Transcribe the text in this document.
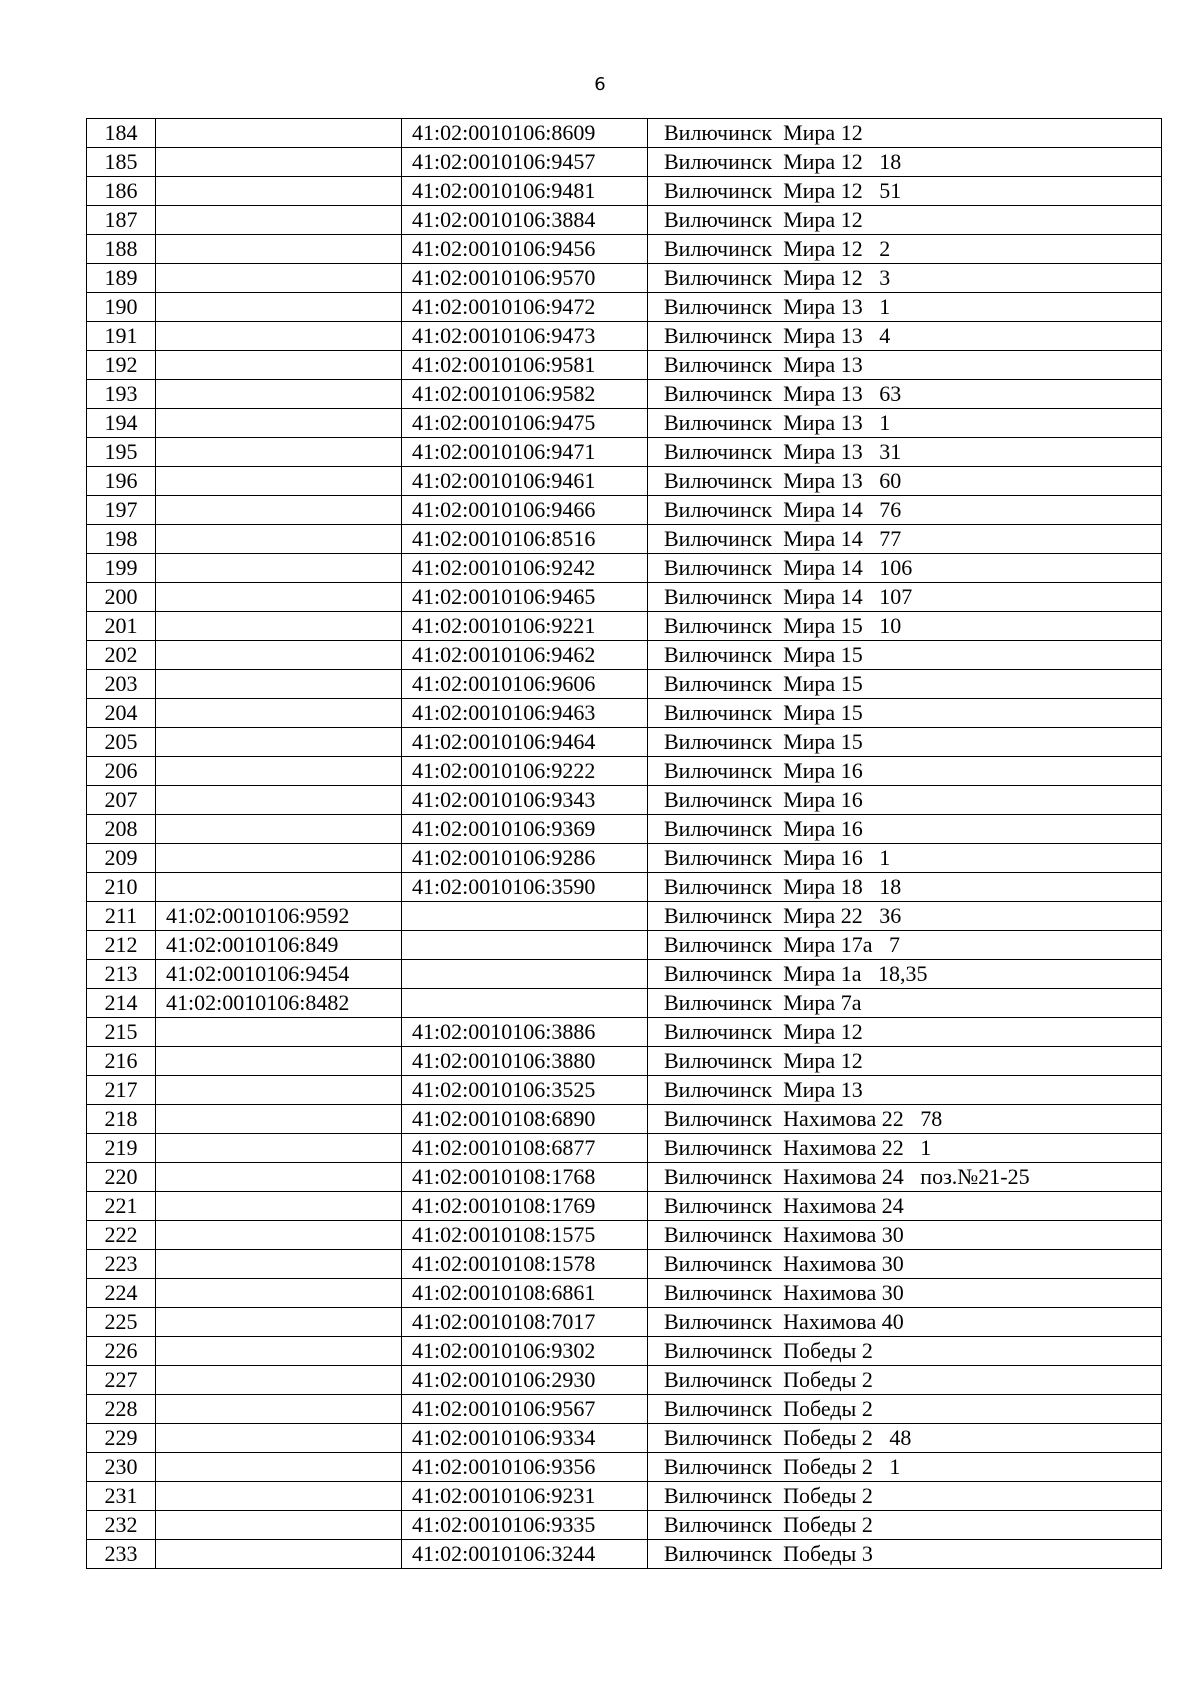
6
184		41:02:0010106:8609	Вилючинск  Мира 12
185		41:02:0010106:9457	Вилючинск  Мира 12   18
186		41:02:0010106:9481	Вилючинск  Мира 12   51
187		41:02:0010106:3884	Вилючинск  Мира 12
188		41:02:0010106:9456	Вилючинск  Мира 12   2
189		41:02:0010106:9570	Вилючинск  Мира 12   3
190		41:02:0010106:9472	Вилючинск  Мира 13   1
191		41:02:0010106:9473	Вилючинск  Мира 13   4
192		41:02:0010106:9581	Вилючинск  Мира 13
193		41:02:0010106:9582	Вилючинск  Мира 13   63
194		41:02:0010106:9475	Вилючинск  Мира 13   1
195		41:02:0010106:9471	Вилючинск  Мира 13   31
196		41:02:0010106:9461	Вилючинск  Мира 13   60
197		41:02:0010106:9466	Вилючинск  Мира 14   76
198		41:02:0010106:8516	Вилючинск  Мира 14   77
199		41:02:0010106:9242	Вилючинск  Мира 14   106
200		41:02:0010106:9465	Вилючинск  Мира 14   107
201		41:02:0010106:9221	Вилючинск  Мира 15   10
202		41:02:0010106:9462	Вилючинск  Мира 15
203		41:02:0010106:9606	Вилючинск  Мира 15
204		41:02:0010106:9463	Вилючинск  Мира 15
205		41:02:0010106:9464	Вилючинск  Мира 15
206		41:02:0010106:9222	Вилючинск  Мира 16
207		41:02:0010106:9343	Вилючинск  Мира 16
208		41:02:0010106:9369	Вилючинск  Мира 16
209		41:02:0010106:9286	Вилючинск  Мира 16   1
210		41:02:0010106:3590	Вилючинск  Мира 18   18
211	41:02:0010106:9592		Вилючинск  Мира 22   36
212	41:02:0010106:849		Вилючинск  Мира 17а   7
213	41:02:0010106:9454		Вилючинск  Мира 1а   18,35
214	41:02:0010106:8482		Вилючинск  Мира 7а
215		41:02:0010106:3886	Вилючинск  Мира 12
216		41:02:0010106:3880	Вилючинск  Мира 12
217		41:02:0010106:3525	Вилючинск  Мира 13
218		41:02:0010108:6890	Вилючинск  Нахимова 22   78
219		41:02:0010108:6877	Вилючинск  Нахимова 22   1
220		41:02:0010108:1768	Вилючинск  Нахимова 24   поз.№21-25
221		41:02:0010108:1769	Вилючинск  Нахимова 24
222		41:02:0010108:1575	Вилючинск  Нахимова 30
223		41:02:0010108:1578	Вилючинск  Нахимова 30
224		41:02:0010108:6861	Вилючинск  Нахимова 30
225		41:02:0010108:7017	Вилючинск  Нахимова 40
226		41:02:0010106:9302	Вилючинск  Победы 2
227		41:02:0010106:2930	Вилючинск  Победы 2
228		41:02:0010106:9567	Вилючинск  Победы 2
229		41:02:0010106:9334	Вилючинск  Победы 2   48
230		41:02:0010106:9356	Вилючинск  Победы 2   1
231		41:02:0010106:9231	Вилючинск  Победы 2
232		41:02:0010106:9335	Вилючинск  Победы 2
233		41:02:0010106:3244	Вилючинск  Победы 3
